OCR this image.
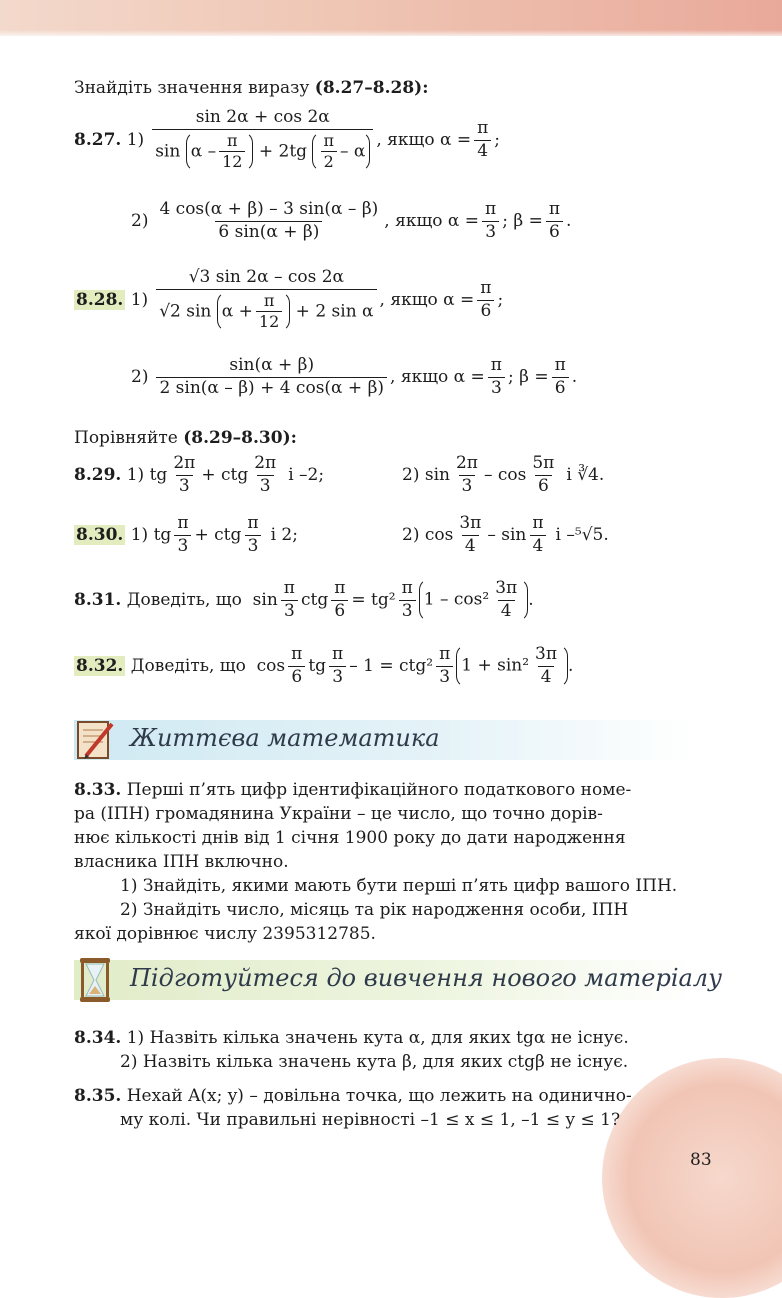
Знайдіть значення виразу (8.27–8.28):
8.27.
$1) \frac{\sin 2\alpha + \cos 2\alpha}{\sin \alpha - \frac{\pi}{12} + 2tg \frac{\pi}{2} - \alpha}$ , якщо $\alpha = \frac{\pi}{4}$ ;
$2) \frac{4 \cos(\alpha + \beta) - 3 \sin(\alpha - \beta)}{6 \sin(\alpha + \beta)}$ , якщо $\alpha = \frac{\pi}{3}$ ; $\beta = \frac{\pi}{6}$ .
8.28.
$1) \frac{√3 \sin 2\alpha - \cos 2\alpha}{√2 \sin \alpha + \frac{\pi}{12} + 2 \sin \alpha}$ , якщо $\alpha = \frac{\pi}{6}$ ;
$2) \frac{\sin(\alpha + \beta)}{2 \sin(\alpha - \beta) + 4 \cos(\alpha + \beta)}$ , якщо $\alpha = \frac{\pi}{3}$ ; $\beta = \frac{\pi}{6}$ .
Порівняйте (8.29–8.30):
8.29.
1) tg $\frac{2\pi}{3}$ + ctg $\frac{2\pi}{3}$ і –2;	2) $\sin \frac{2\pi}{3}$ – $\cos \frac{5\pi}{6}$ і ∛4.
8.30.
1) tg $\frac{\pi}{3}$ + ctg $\frac{\pi}{3}$ і 2;	2) $\cos \frac{3\pi}{4}$ – $\sin \frac{\pi}{4}$ і –⁵√5.
8.31.
Доведіть, що
$\sin \frac{\pi}{3}$ ctg $\frac{\pi}{6} = tg^2 \frac{\pi}{3} 1 - \cos^2 \frac{3\pi}{4}$ .
8.32.
Доведіть, що
$\cos \frac{\pi}{6}$ tg $\frac{\pi}{3} - 1 = ctg^2 \frac{\pi}{3} 1 + \sin^2 \frac{3\pi}{4}$ .
Життєва математика
8.33. Перші п’ять цифр ідентифікаційного податкового номе-
ра (ІПН) громадянина України – це число, що точно дорів-
нює кількості днів від 1 січня 1900 року до дати народження
власника ІПН включно.
1) Знайдіть, якими мають бути перші п’ять цифр вашого ІПН.
2) Знайдіть число, місяць та рік народження особи, ІПН
якої дорівнює числу 2395312785.
Підготуйтеся до вивчення нового матеріалу
8.34. 1) Назвіть кілька значень кута α, для яких tgα не існує.
2) Назвіть кілька значень кута β, для яких ctgβ не існує.
8.35. Нехай A(x; y) – довільна точка, що лежить на одинично-
му колі. Чи правильні нерівності –1 ≤ x ≤ 1, –1 ≤ y ≤ 1?
83
